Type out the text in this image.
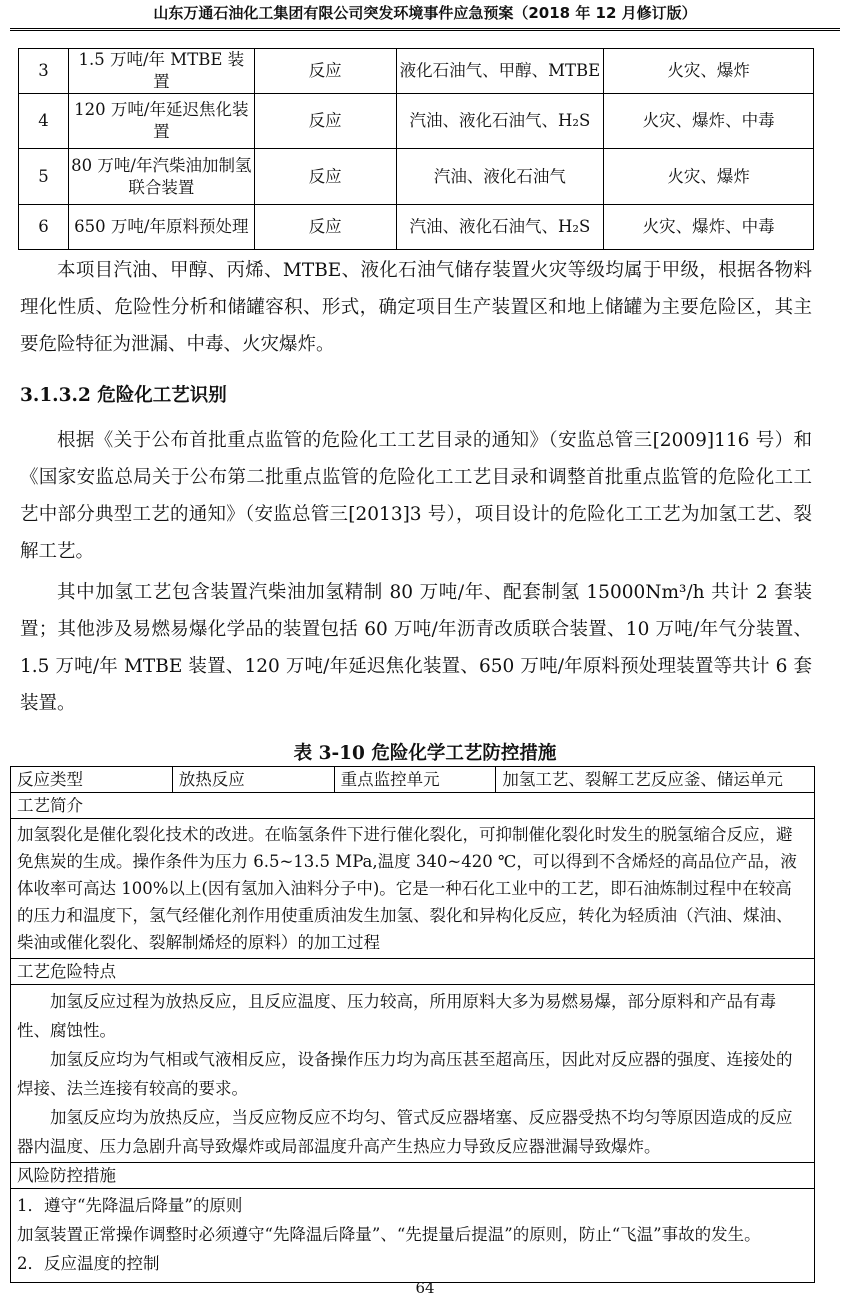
山东万通石油化工集团有限公司突发环境事件应急预案（2018 年 12 月修订版）
3	1.5 万吨/年 MTBE 装置	反应	液化石油气、甲醇、MTBE	火灾、爆炸
4	120 万吨/年延迟焦化装置	反应	汽油、液化石油气、H₂S	火灾、爆炸、中毒
5	80 万吨/年汽柴油加制氢联合装置	反应	汽油、液化石油气	火灾、爆炸
6	650 万吨/年原料预处理	反应	汽油、液化石油气、H₂S	火灾、爆炸、中毒

本项目汽油、甲醇、丙烯、MTBE、液化石油气储存装置火灾等级均属于甲级，根据各物料理化性质、危险性分析和储罐容积、形式，确定项目生产装置区和地上储罐为主要危险区，其主要危险特征为泄漏、中毒、火灾爆炸。

3.1.3.2 危险化工艺识别

根据《关于公布首批重点监管的危险化工工艺目录的通知》（安监总管三[2009]116 号）和《国家安监总局关于公布第二批重点监管的危险化工工艺目录和调整首批重点监管的危险化工工艺中部分典型工艺的通知》（安监总管三[2013]3 号），项目设计的危险化工工艺为加氢工艺、裂解工艺。

其中加氢工艺包含装置汽柴油加氢精制 80 万吨/年、配套制氢 15000Nm³/h 共计 2 套装置；其他涉及易燃易爆化学品的装置包括 60 万吨/年沥青改质联合装置、10 万吨/年气分装置、1.5 万吨/年 MTBE 装置、120 万吨/年延迟焦化装置、650 万吨/年原料预处理装置等共计 6 套装置。

表 3-10 危险化学工艺防控措施

反应类型	放热反应	重点监控单元	加氢工艺、裂解工艺反应釜、储运单元
工艺简介
加氢裂化是催化裂化技术的改进。在临氢条件下进行催化裂化，可抑制催化裂化时发生的脱氢缩合反应，避免焦炭的生成。操作条件为压力 6.5~13.5 MPa,温度 340~420 ℃，可以得到不含烯烃的高品位产品，液体收率可高达 100%以上(因有氢加入油料分子中)。它是一种石化工业中的工艺，即石油炼制过程中在较高的压力和温度下，氢气经催化剂作用使重质油发生加氢、裂化和异构化反应，转化为轻质油（汽油、煤油、柴油或催化裂化、裂解制烯烃的原料）的加工过程
工艺危险特点

加氢反应过程为放热反应，且反应温度、压力较高，所用原料大多为易燃易爆，部分原料和产品有毒性、腐蚀性。

加氢反应均为气相或气液相反应，设备操作压力均为高压甚至超高压，因此对反应器的强度、连接处的焊接、法兰连接有较高的要求。

加氢反应均为放热反应，当反应物反应不均匀、管式反应器堵塞、反应器受热不均匀等原因造成的反应器内温度、压力急剧升高导致爆炸或局部温度升高产生热应力导致反应器泄漏导致爆炸。

风险防控措施

1．遵守“先降温后降量”的原则

加氢装置正常操作调整时必须遵守“先降温后降量”、“先提量后提温”的原则，防止“飞温”事故的发生。

2．反应温度的控制

64
